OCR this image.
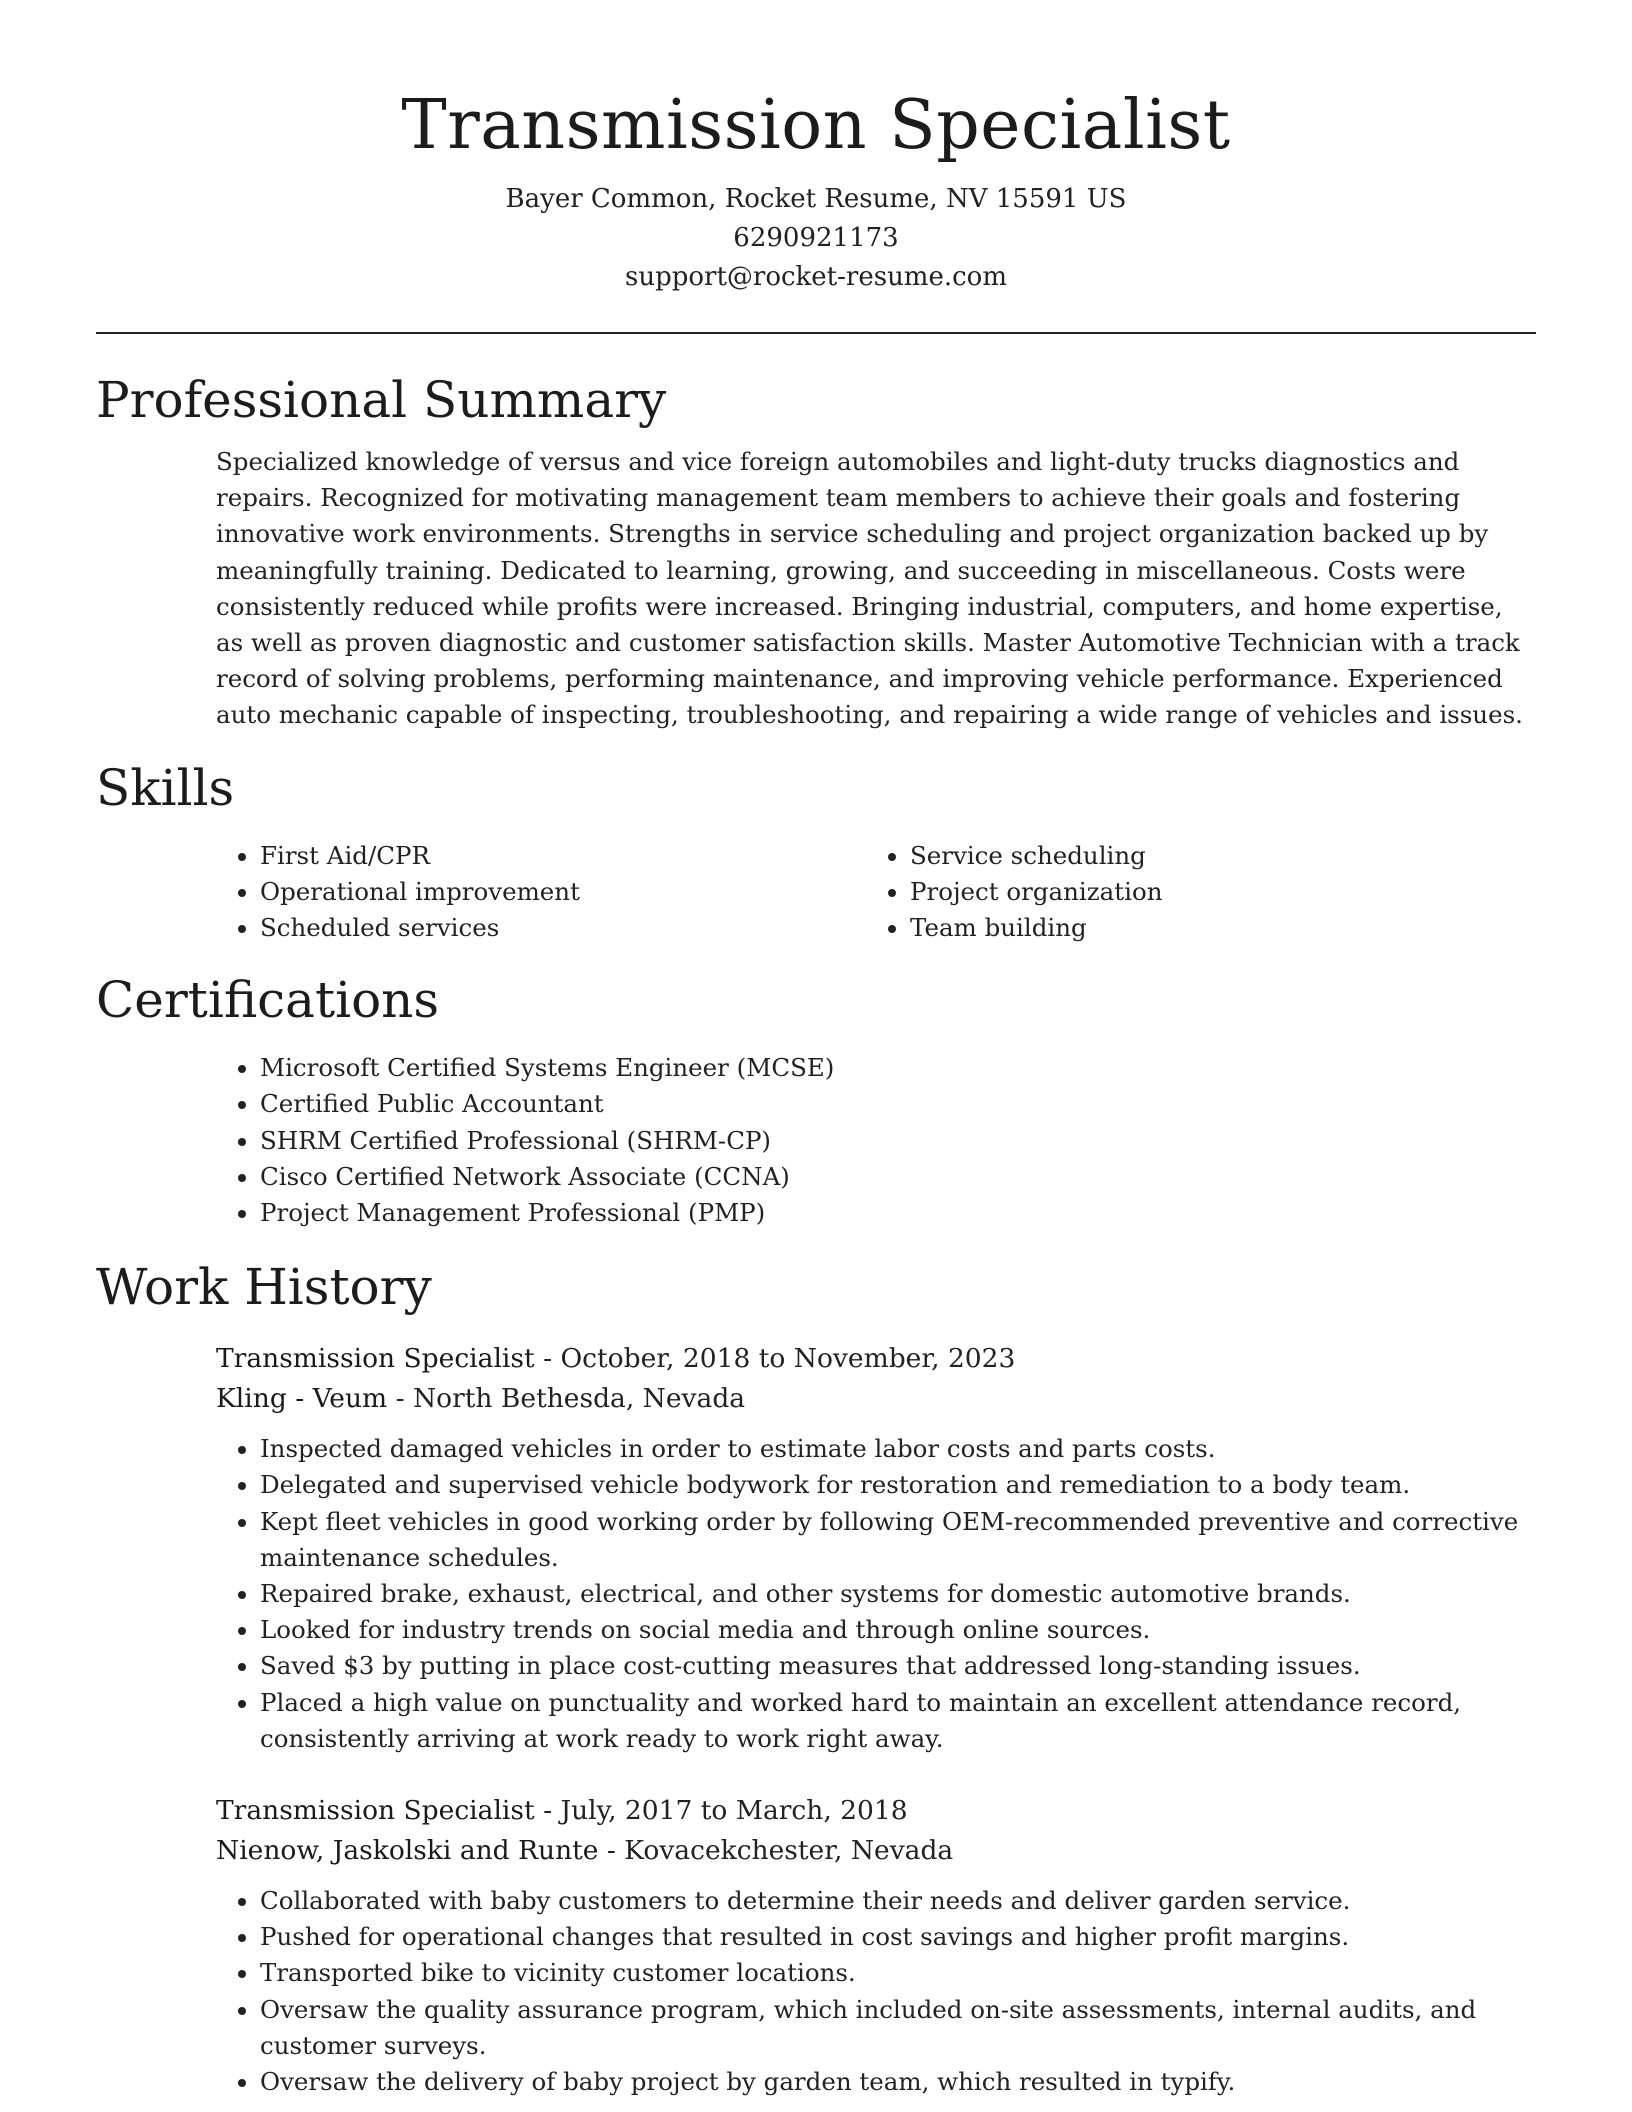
Transmission Specialist
Bayer Common, Rocket Resume, NV 15591 US
6290921173
support@rocket-resume.com
Professional Summary

Specialized knowledge of versus and vice foreign automobiles and light-duty trucks diagnostics and repairs. Recognized for motivating management team members to achieve their goals and fostering innovative work environments. Strengths in service scheduling and project organization backed up by meaningfully training. Dedicated to learning, growing, and succeeding in miscellaneous. Costs were consistently reduced while profits were increased. Bringing industrial, computers, and home expertise, as well as proven diagnostic and customer satisfaction skills. Master Automotive Technician with a track record of solving problems, performing maintenance, and improving vehicle performance. Experienced auto mechanic capable of inspecting, troubleshooting, and repairing a wide range of vehicles and issues.

Skills
• First Aid/CPR
• Operational improvement
• Scheduled services
• Service scheduling
• Project organization
• Team building
Certifications
• Microsoft Certified Systems Engineer (MCSE)
• Certified Public Accountant
• SHRM Certified Professional (SHRM-CP)
• Cisco Certified Network Associate (CCNA)
• Project Management Professional (PMP)
Work History
Transmission Specialist - October, 2018 to November, 2023
Kling - Veum - North Bethesda, Nevada
• Inspected damaged vehicles in order to estimate labor costs and parts costs.
• Delegated and supervised vehicle bodywork for restoration and remediation to a body team.
• Kept fleet vehicles in good working order by following OEM-recommended preventive and corrective maintenance schedules.
• Repaired brake, exhaust, electrical, and other systems for domestic automotive brands.
• Looked for industry trends on social media and through online sources.
• Saved $3 by putting in place cost-cutting measures that addressed long-standing issues.
• Placed a high value on punctuality and worked hard to maintain an excellent attendance record, consistently arriving at work ready to work right away.
Transmission Specialist - July, 2017 to March, 2018
Nienow, Jaskolski and Runte - Kovacekchester, Nevada
• Collaborated with baby customers to determine their needs and deliver garden service.
• Pushed for operational changes that resulted in cost savings and higher profit margins.
• Transported bike to vicinity customer locations.
• Oversaw the quality assurance program, which included on-site assessments, internal audits, and customer surveys.
• Oversaw the delivery of baby project by garden team, which resulted in typify.
